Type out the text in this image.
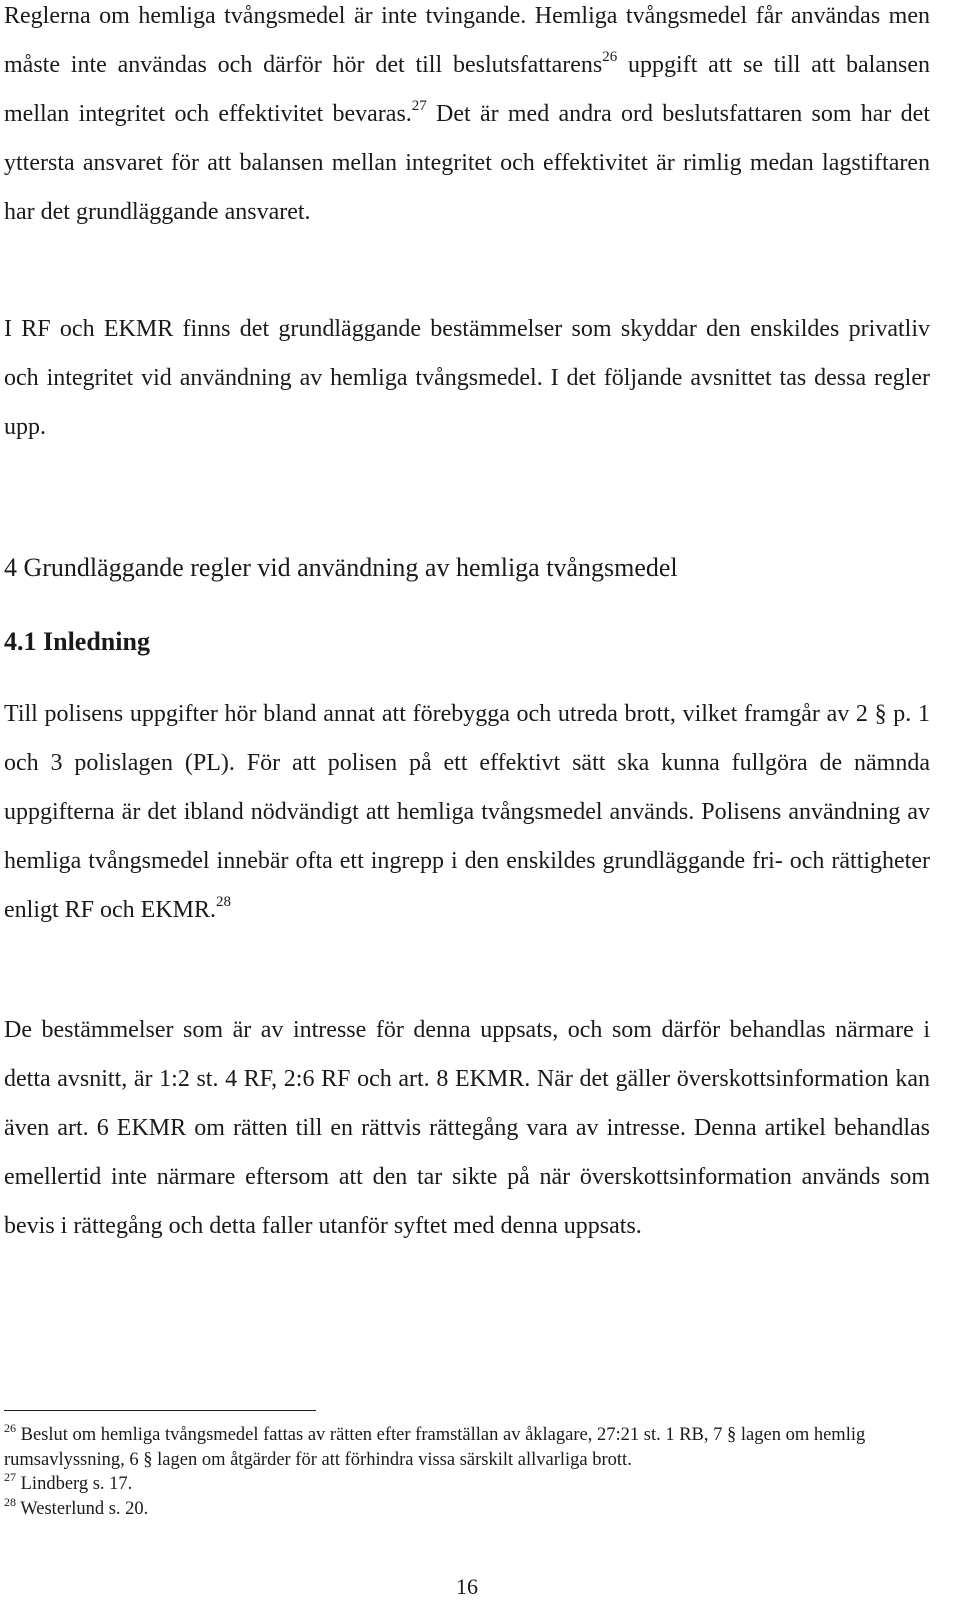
Reglerna om hemliga tvångsmedel är inte tvingande. Hemliga tvångsmedel får användas men måste inte användas och därför hör det till beslutsfattarens$^{26}$ uppgift att se till att balansen mellan integritet och effektivitet bevaras.$^{27}$ Det är med andra ord beslutsfattaren som har det yttersta ansvaret för att balansen mellan integritet och effektivitet är rimlig medan lagstiftaren har det grundläggande ansvaret.

I RF och EKMR finns det grundläggande bestämmelser som skyddar den enskildes privatliv och integritet vid användning av hemliga tvångsmedel. I det följande avsnittet tas dessa regler upp.

4 Grundläggande regler vid användning av hemliga tvångsmedel
4.1 Inledning

Till polisens uppgifter hör bland annat att förebygga och utreda brott, vilket framgår av 2 § p. 1 och 3 polislagen (PL). För att polisen på ett effektivt sätt ska kunna fullgöra de nämnda uppgifterna är det ibland nödvändigt att hemliga tvångsmedel används. Polisens användning av hemliga tvångsmedel innebär ofta ett ingrepp i den enskildes grundläggande fri- och rättigheter enligt RF och EKMR.$^{28}$

De bestämmelser som är av intresse för denna uppsats, och som därför behandlas närmare i detta avsnitt, är 1:2 st. 4 RF, 2:6 RF och art. 8 EKMR. När det gäller överskottsinformation kan även art. 6 EKMR om rätten till en rättvis rättegång vara av intresse. Denna artikel behandlas emellertid inte närmare eftersom att den tar sikte på när överskottsinformation används som bevis i rättegång och detta faller utanför syftet med denna uppsats.

$^{26}$ Beslut om hemliga tvångsmedel fattas av rätten efter framställan av åklagare, 27:21 st. 1 RB, 7 § lagen om hemlig rumsavlyssning, 6 § lagen om åtgärder för att förhindra vissa särskilt allvarliga brott.

$^{27}$ Lindberg s. 17.

$^{28}$ Westerlund s. 20.

16
